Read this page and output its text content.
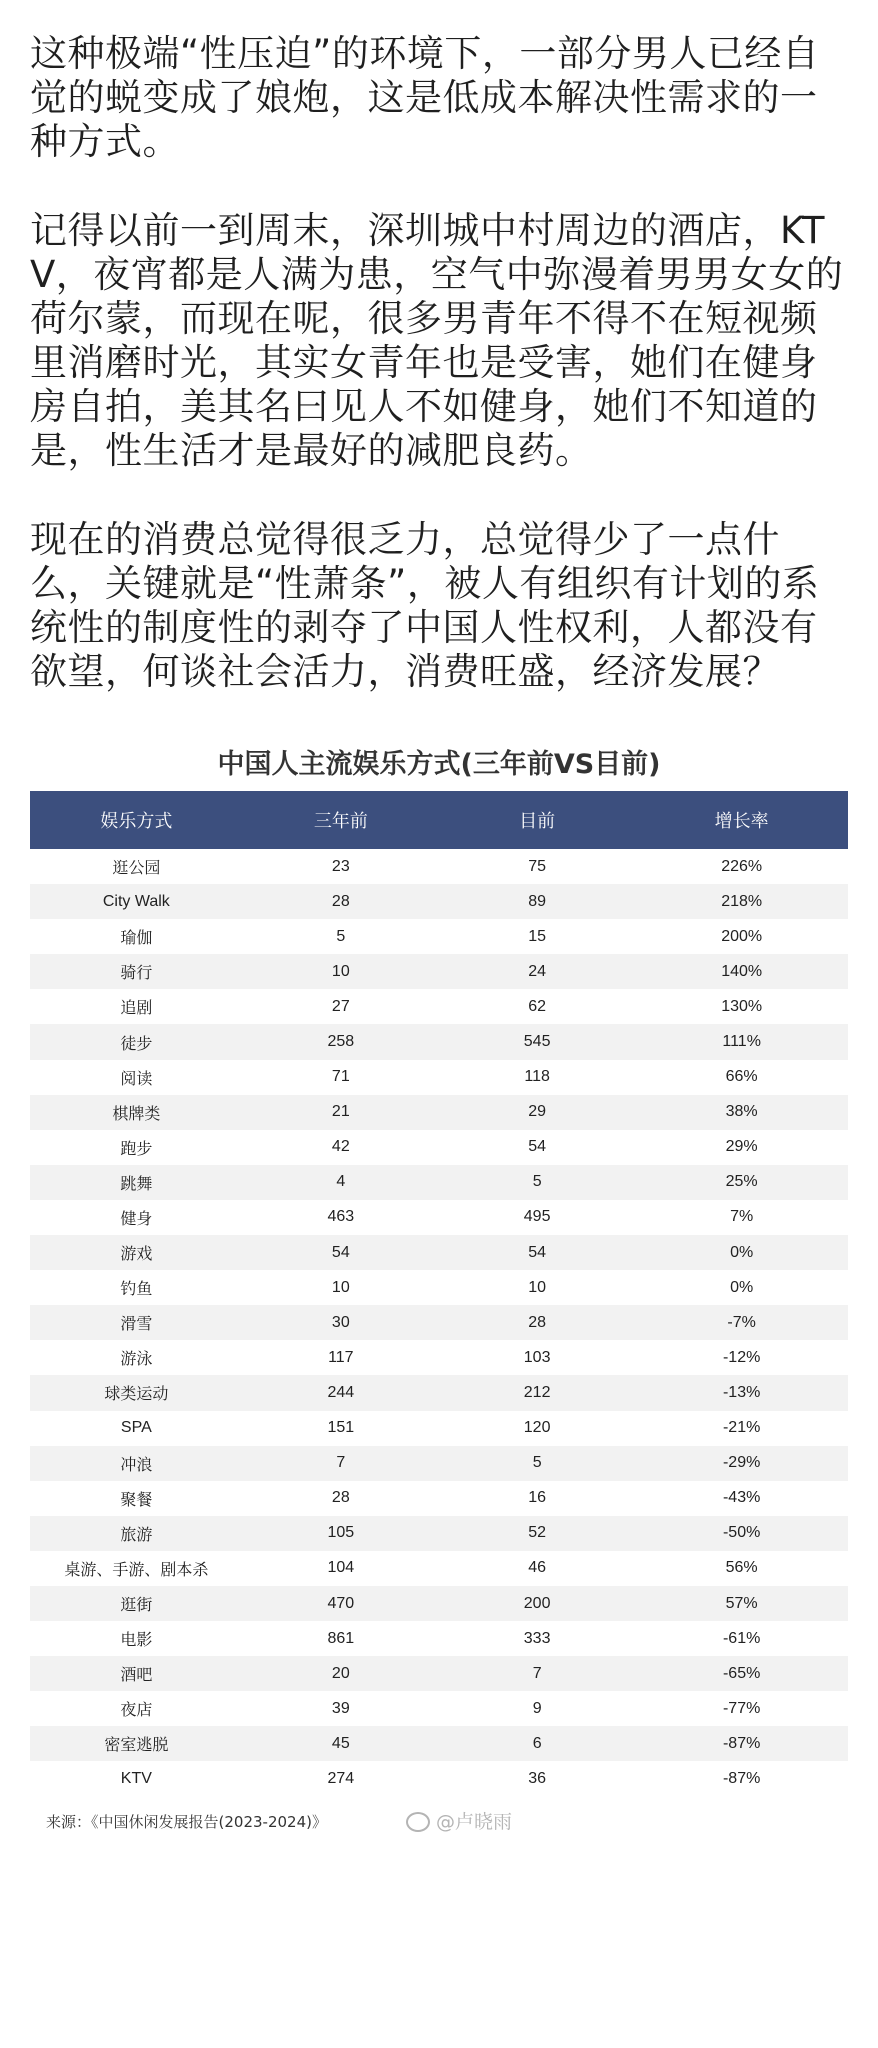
这种极端“性压迫”的环境下，一部分男人已经自觉的蜕变成了娘炮，这是低成本解决性需求的一种方式。

记得以前一到周末，深圳城中村周边的酒店，KTV，夜宵都是人满为患，空气中弥漫着男男女女的荷尔蒙，而现在呢，很多男青年不得不在短视频里消磨时光，其实女青年也是受害，她们在健身房自拍，美其名曰见人不如健身，她们不知道的是，性生活才是最好的减肥良药。

现在的消费总觉得很乏力，总觉得少了一点什么，关键就是“性萧条”，被人有组织有计划的系统性的制度性的剥夺了中国人性权利，人都没有欲望，何谈社会活力，消费旺盛，经济发展？

中国人主流娱乐方式(三年前VS目前)
娱乐方式	三年前	目前	增长率
逛公园	23	75	226%
City Walk	28	89	218%
瑜伽	5	15	200%
骑行	10	24	140%
追剧	27	62	130%
徒步	258	545	111%
阅读	71	118	66%
棋牌类	21	29	38%
跑步	42	54	29%
跳舞	4	5	25%
健身	463	495	7%
游戏	54	54	0%
钓鱼	10	10	0%
滑雪	30	28	-7%
游泳	117	103	-12%
球类运动	244	212	-13%
SPA	151	120	-21%
冲浪	7	5	-29%
聚餐	28	16	-43%
旅游	105	52	-50%
桌游、手游、剧本杀	104	46	56%
逛街	470	200	57%
电影	861	333	-61%
酒吧	20	7	-65%
夜店	39	9	-77%
密室逃脱	45	6	-87%
KTV	274	36	-87%
来源：《中国休闲发展报告(2023-2024)》	@卢晓雨
